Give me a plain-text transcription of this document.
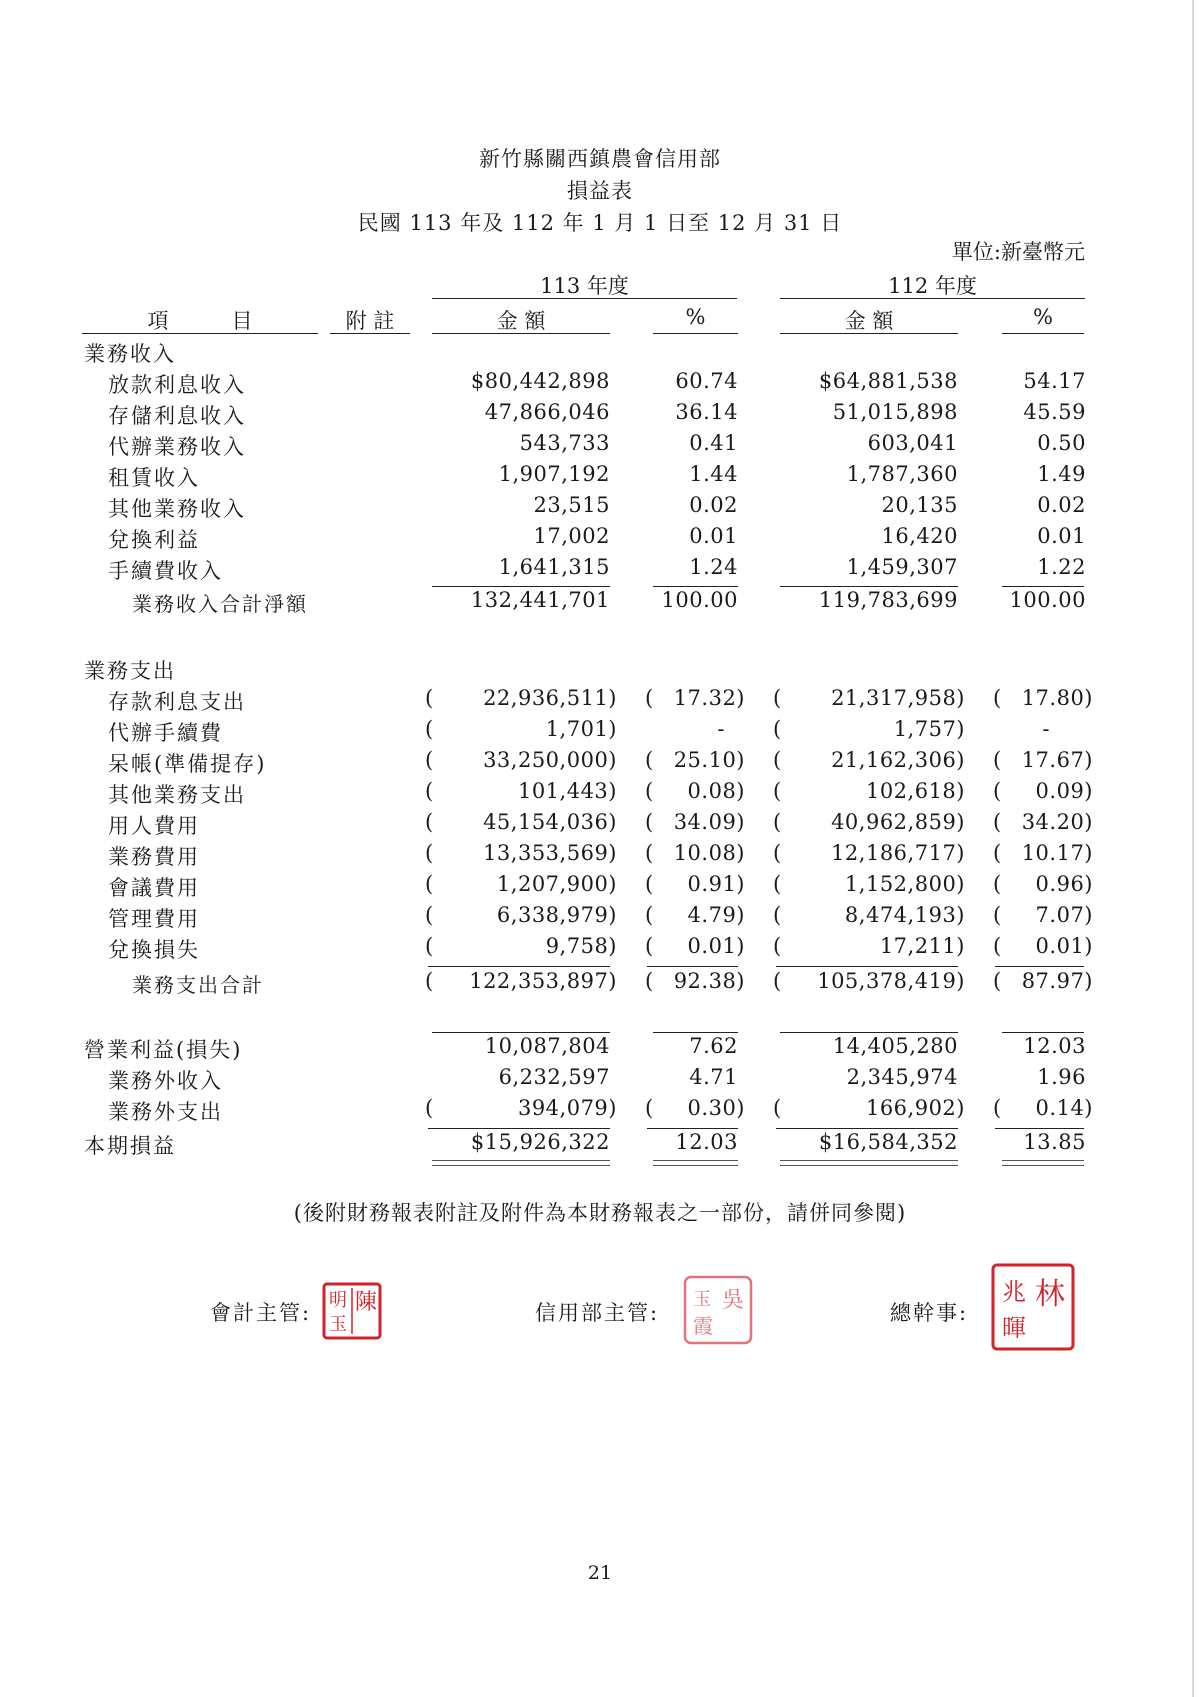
新竹縣關西鎮農會信用部
損益表
民國 113 年及 112 年 1 月 1 日至 12 月 31 日
單位:新臺幣元
113 年度	112 年度
項　　　目	附 註	金 額	%	金 額	%
業務收入
放款利息收入	$80,442,898	60.74	$64,881,538	54.17
存儲利息收入	47,866,046	36.14	51,015,898	45.59
代辦業務收入	543,733	0.41	603,041	0.50
租賃收入	1,907,192	1.44	1,787,360	1.49
其他業務收入	23,515	0.02	20,135	0.02
兌換利益	17,002	0.01	16,420	0.01
手續費收入	1,641,315	1.24	1,459,307	1.22
業務收入合計淨額	132,441,701 100.00	119,783,699 100.00
業務支出
存款利息支出	( 22,936,511) ( 17.32) ( 21,317,958) ( 17.80)
代辦手續費	(	1,701)	- (	1,757)	-
呆帳(準備提存)	( 33,250,000) ( 25.10) ( 21,162,306) ( 17.67)
其他業務支出	(	101,443) ( 0.08) (	102,618) ( 0.09)
用人費用	( 45,154,036) ( 34.09) ( 40,962,859) ( 34.20)
業務費用	( 13,353,569) ( 10.08) ( 12,186,717) ( 10.17)
會議費用	(	1,207,900) ( 0.91) (	1,152,800) ( 0.96)
管理費用	(	6,338,979) ( 4.79) (	8,474,193) ( 7.07)
兌換損失	(	9,758) ( 0.01) (	17,211) ( 0.01)
業務支出合計	( 122,353,897) ( 92.38) ( 105,378,419) ( 87.97)
營業利益(損失)	10,087,804	7.62	14,405,280	12.03
業務外收入	6,232,597	4.71	2,345,974	1.96
業務外支出	(	394,079) ( 0.30) (	166,902) ( 0.14)
本期損益	$15,926,322	12.03	$16,584,352	13.85
(後附財務報表附註及附件為本財務報表之一部份，請併同參閱)
會計主管: 陳
明
玉	信用部主管:	吳
玉
霞
總幹事:
林
兆
暉
21
